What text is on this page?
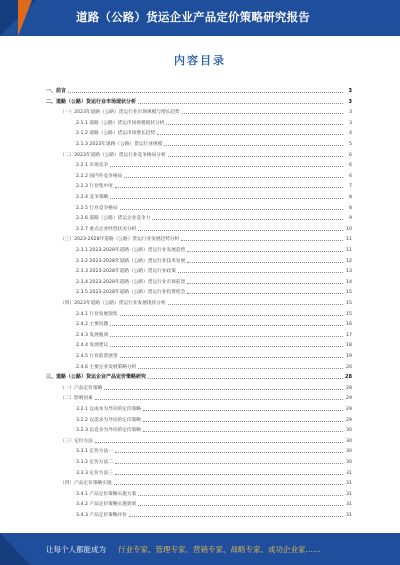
道路（公路）货运企业产品定价策略研究报告
内容目录
一、前言	3
二、道路（公路）货运行业市场现状分析	3
（一）2023年道路（公路）货运行业市场规模与增长趋势	3
2.1.1 道路（公路）货运市场规模现状分析	3
2.1.2 道路（公路）货运市场增长趋势	4
2.1.3 2023年道路（公路）货运行业规模	5
（二）2023年道路（公路）货运行业竞争格局分析	6
2.2.1 市场竞争	6
2.2.2 国内外竞争格局	6
2.2.3 行业集中度	7
2.2.4 竞争策略	8
2.2.5 行业竞争格局	8
2.2.6 道路（公路）货运企业竞争力	9
2.2.7 重点企业经营状况分析	10
（三）2023-2028年道路（公路）货运行业发展趋势分析	11
2.3.1 2023-2028年道路（公路）货运行业发展趋势	11
2.3.2 2023-2028年道路（公路）货运行业技术发展	12
2.3.3 2023-2028年道路（公路）货运行业政策	13
2.3.4 2023-2028年道路（公路）货运行业市场前景	14
2.3.5 2023-2028年道路（公路）货运行业投资机会	15
（四）2023年道路（公路）货运行业发展现状分析	15
2.4.1 行业发展现状	15
2.4.2 主要问题	16
2.4.3 发展瓶颈	17
2.4.4 发展建议	18
2.4.5 行业前景展望	19
2.4.6 主要企业发展策略分析	20
三、道路（公路）货运企业产品定价策略研究	28
（一）产品定价策略	28
（二）影响因素	29
3.2.1 以成本为导向的定价策略	29
3.2.2 以需求为导向的定价策略	29
3.2.3 以竞争为导向的定价策略	30
（三）定价方法	30
3.3.1 定价方法一	30
3.3.2 定价方法二	30
3.3.3 定价方法三	31
（四）产品定价策略实施	31
3.4.1 产品定价策略实施方案	31
3.4.2 产品定价策略实施效果	31
3.4.3 产品定价策略评价	31
让每个人都能成为 行业专家、管理专家、营销专家、战略专家、成功企业家……
